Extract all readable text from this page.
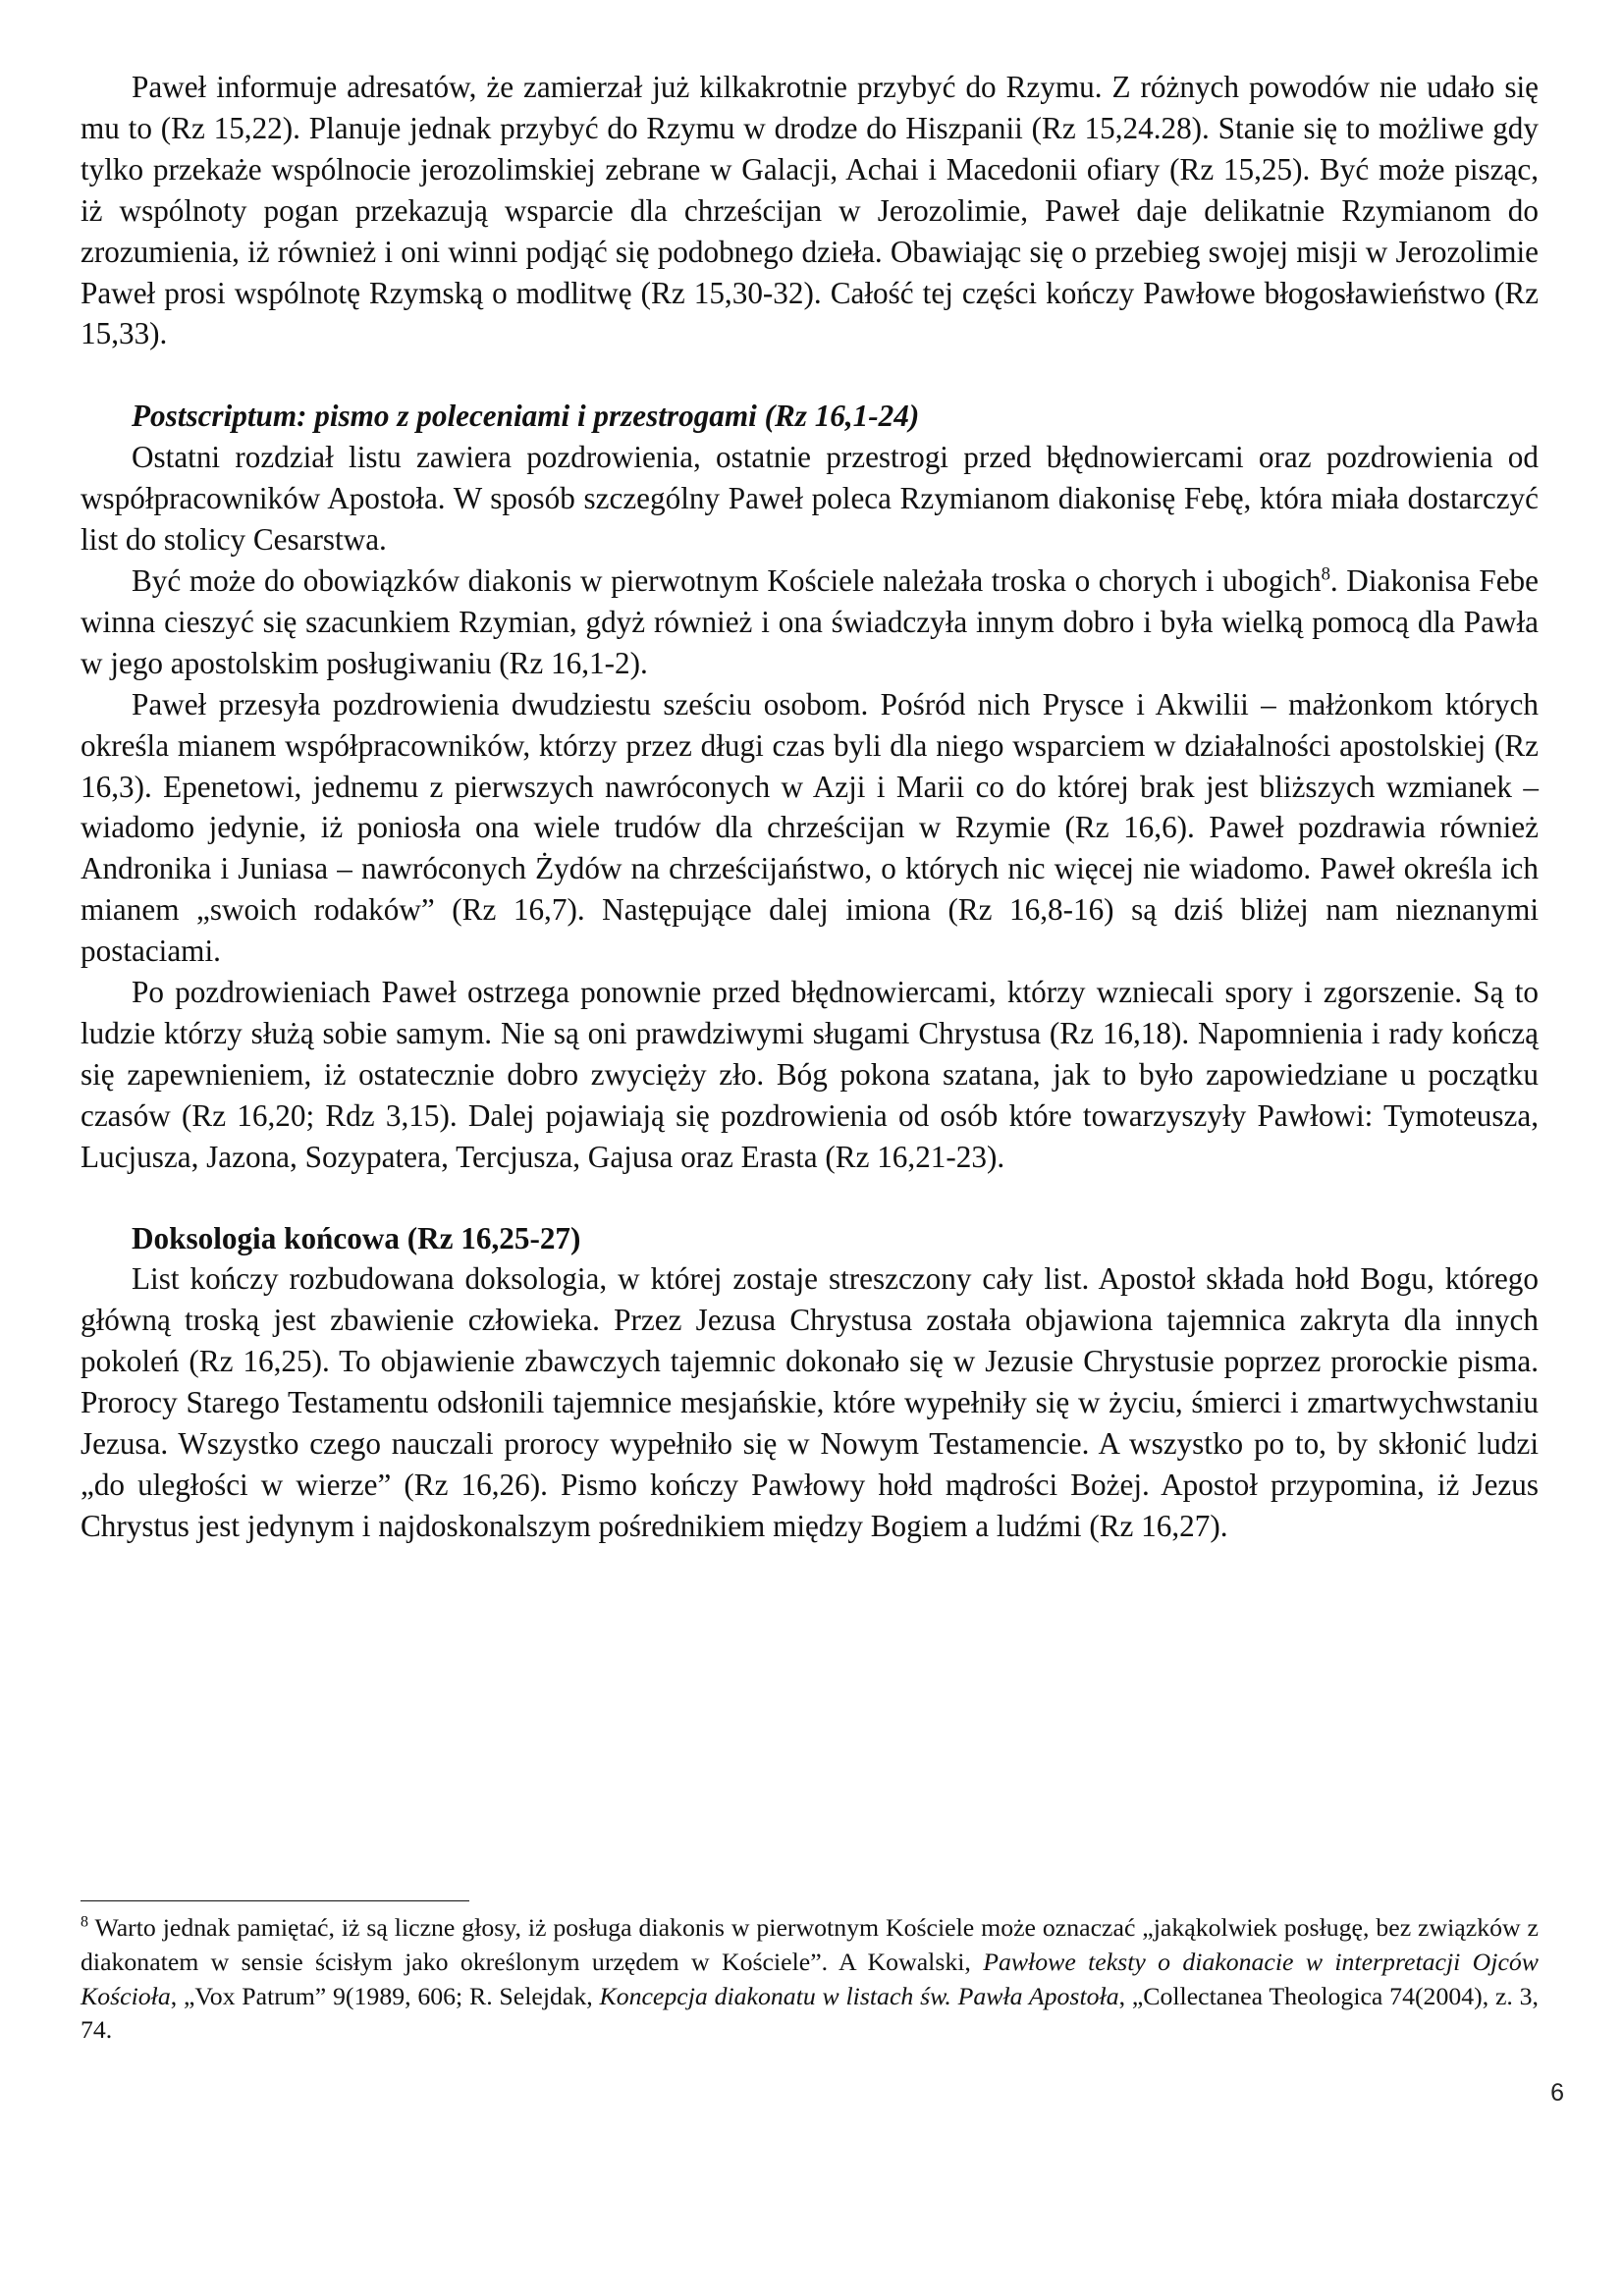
Paweł informuje adresatów, że zamierzał już kilkakrotnie przybyć do Rzymu. Z różnych powodów nie udało się mu to (Rz 15,22). Planuje jednak przybyć do Rzymu w drodze do Hiszpanii (Rz 15,24.28). Stanie się to możliwe gdy tylko przekaże wspólnocie jerozolimskiej zebrane w Galacji, Achai i Macedonii ofiary (Rz 15,25). Być może pisząc, iż wspólnoty pogan przekazują wsparcie dla chrześcijan w Jerozolimie, Paweł daje delikatnie Rzymianom do zrozumienia, iż również i oni winni podjąć się podobnego dzieła. Obawiając się o przebieg swojej misji w Jerozolimie Paweł prosi wspólnotę Rzymską o modlitwę (Rz 15,30-32). Całość tej części kończy Pawłowe błogosławieństwo (Rz 15,33).

Postscriptum: pismo z poleceniami i przestrogami (Rz 16,1-24)

Ostatni rozdział listu zawiera pozdrowienia, ostatnie przestrogi przed błędnowiercami oraz pozdrowienia od współpracowników Apostoła. W sposób szczególny Paweł poleca Rzymianom diakonisę Febę, która miała dostarczyć list do stolicy Cesarstwa.

Być może do obowiązków diakonis w pierwotnym Kościele należała troska o chorych i ubogich$^8$. Diakonisa Febe winna cieszyć się szacunkiem Rzymian, gdyż również i ona świadczyła innym dobro i była wielką pomocą dla Pawła w jego apostolskim posługiwaniu (Rz 16,1-2).

Paweł przesyła pozdrowienia dwudziestu sześciu osobom. Pośród nich Prysce i Akwilii – małżonkom których określa mianem współpracowników, którzy przez długi czas byli dla niego wsparciem w działalności apostolskiej (Rz 16,3). Epenetowi, jednemu z pierwszych nawróconych w Azji i Marii co do której brak jest bliższych wzmianek – wiadomo jedynie, iż poniosła ona wiele trudów dla chrześcijan w Rzymie (Rz 16,6). Paweł pozdrawia również Andronika i Juniasa – nawróconych Żydów na chrześcijaństwo, o których nic więcej nie wiadomo. Paweł określa ich mianem „swoich rodaków” (Rz 16,7). Następujące dalej imiona (Rz 16,8-16) są dziś bliżej nam nieznanymi postaciami.

Po pozdrowieniach Paweł ostrzega ponownie przed błędnowiercami, którzy wzniecali spory i zgorszenie. Są to ludzie którzy służą sobie samym. Nie są oni prawdziwymi sługami Chrystusa (Rz 16,18). Napomnienia i rady kończą się zapewnieniem, iż ostatecznie dobro zwycięży zło. Bóg pokona szatana, jak to było zapowiedziane u początku czasów (Rz 16,20; Rdz 3,15). Dalej pojawiają się pozdrowienia od osób które towarzyszyły Pawłowi: Tymoteusza, Lucjusza, Jazona, Sozypatera, Tercjusza, Gajusa oraz Erasta (Rz 16,21-23).

Doksologia końcowa (Rz 16,25-27)

List kończy rozbudowana doksologia, w której zostaje streszczony cały list. Apostoł składa hołd Bogu, którego główną troską jest zbawienie człowieka. Przez Jezusa Chrystusa została objawiona tajemnica zakryta dla innych pokoleń (Rz 16,25). To objawienie zbawczych tajemnic dokonało się w Jezusie Chrystusie poprzez prorockie pisma. Prorocy Starego Testamentu odsłonili tajemnice mesjańskie, które wypełniły się w życiu, śmierci i zmartwychwstaniu Jezusa. Wszystko czego nauczali prorocy wypełniło się w Nowym Testamencie. A wszystko po to, by skłonić ludzi „do uległości w wierze” (Rz 16,26). Pismo kończy Pawłowy hołd mądrości Bożej. Apostoł przypomina, iż Jezus Chrystus jest jedynym i najdoskonalszym pośrednikiem między Bogiem a ludźmi (Rz 16,27).

$^8$ Warto jednak pamiętać, iż są liczne głosy, iż posługa diakonis w pierwotnym Kościele może oznaczać „jakąkolwiek posługę, bez związków z diakonatem w sensie ścisłym jako określonym urzędem w Kościele”. A Kowalski, Pawłowe teksty o diakonacie w interpretacji Ojców Kościoła, „Vox Patrum” 9(1989, 606; R. Selejdak, Koncepcja diakonatu w listach św. Pawła Apostoła, „Collectanea Theologica 74(2004), z. 3, 74.

6
